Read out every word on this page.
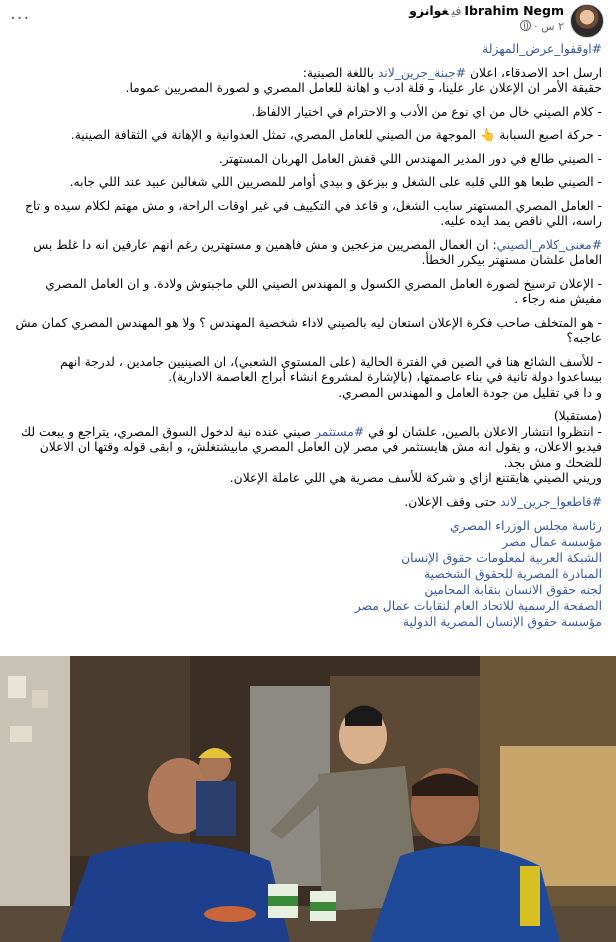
Ibrahim Negmفيغوانزو
٢ س ·
···

#اوقفوا_عرض_المهزلة

ارسل احد الاصدقاء، اعلان #جبنة_جرين_لاند باللغة الصينية:
حقيقة الأمر ان الإعلان عار علينا، و قلة ادب و اهانة للعامل المصري و لصورة المصريين عموما.

- كلام الصيني خال من اي نوع من الأدب و الاحترام في اختيار الالفاظ.

- حركة اصبع السبابة 👆 الموجهة من الصيني للعامل المصري، تمثل العدوانية و الإهانة في الثقافة الصينية.

- الصيني طالع في دور المدير المهندس اللي قفش العامل الهربان المستهتر.

- الصيني طبعا هو اللي قلبه على الشغل و بيزعق و بيدي أوامر للمصريين اللي شغالين عبيد عند اللي جابه.

- العامل المصري المستهتر سايب الشغل، و قاعد في التكييف في غير اوقات الراحة، و مش مهتم لكلام سيده و تاج راسه، اللي ناقص يمد ايده عليه.

#معنى_كلام_الصيني: ان العمال المصريين مزعجين و مش فاهمين و مستهترين رغم انهم عارفين انه دا غلط بس العامل علشان مستهتر بيكرر الخطأ.

- الإعلان ترسيخ لصورة العامل المصري الكسول و المهندس الصيني اللي ماجبتوش ولادة. و ان العامل المصري مفيش منه رجاء .

- هو المتخلف صاحب فكرة الإعلان استعان ليه بالصيني لاداء شخصية المهندس ؟ ولا هو المهندس المصري كمان مش عاجبه؟

- للأسف الشائع هنا في الصين في الفترة الحالية (على المستوى الشعبي)، ان الصينيين جامدين ، لدرجة انهم بيساعدوا دولة تانية في بناء عاصمتها، (بالإشارة لمشروع انشاء أبراج العاصمة الادارية).
و دا في تقليل من جودة العامل و المهندس المصري.

(مستقبلا)
- انتظروا انتشار الاعلان بالصين، علشان لو في #مستثمر صيني عنده نية لدخول السوق المصري، يتراجع و يبعت لك فيديو الاعلان، و يقول انه مش هايستثمر في مصر لإن العامل المصري مابيشتغلش، و ابقى قوله وقتها ان الاعلان للضحك و مش بجد.
وريني الصيني هايقتنع ازاي و شركة للأسف مصرية هي اللي عاملة الإعلان.

#قاطعوا_جرين_لاند حتى وقف الإعلان.

رئاسة مجلس الوزراء المصري
مؤسسة عمال مصر
الشبكة العربية لمعلومات حقوق الإنسان
المبادرة المصرية للحقوق الشخصية
لجنه حقوق الانسان بنقابة المحامين
الصفحة الرسمية للاتحاد العام لنقابات عمال مصر
مؤسسة حقوق الإنسان المصرية الدولية
